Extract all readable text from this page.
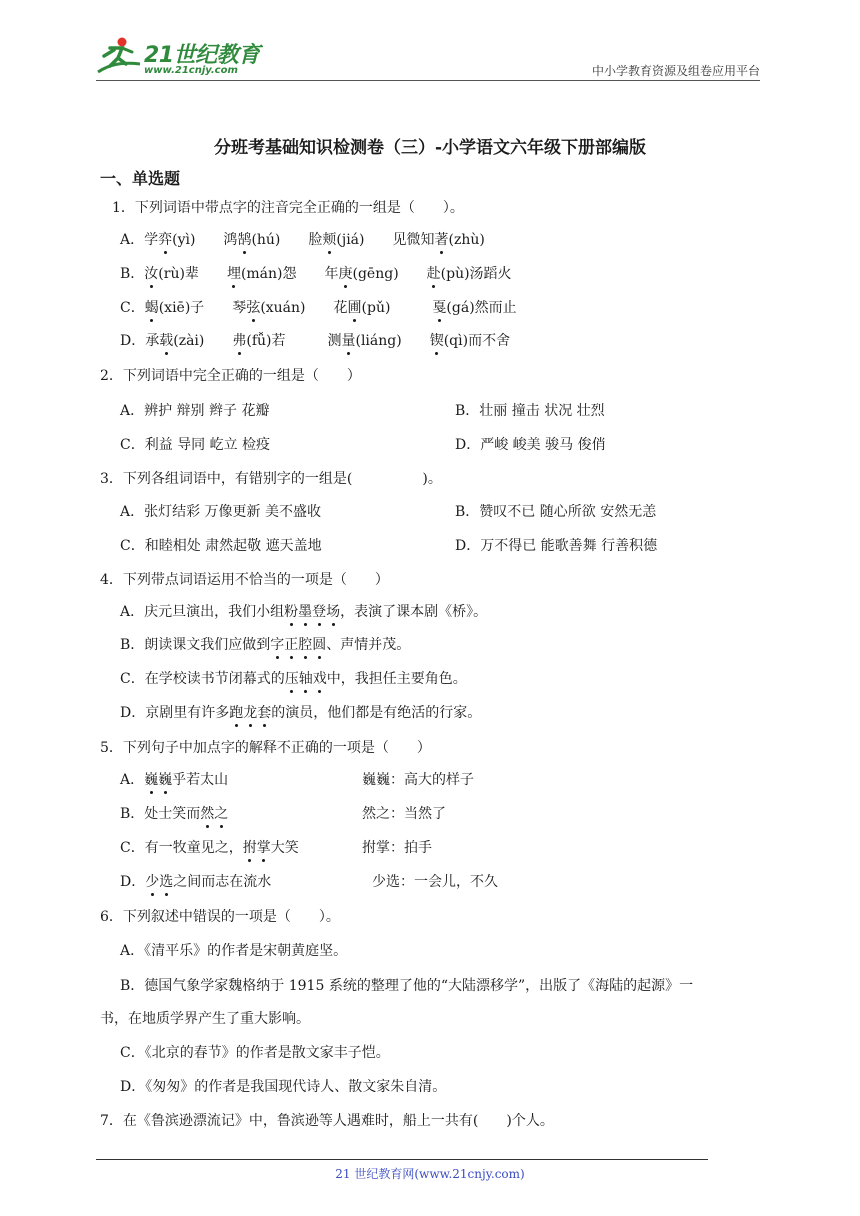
21世纪教育
www.21cnjy.com	中小学教育资源及组卷应用平台
分班考基础知识检测卷（三）-小学语文六年级下册部编版
一、单选题
1．下列词语中带点字的注音完全正确的一组是（　　）。
A．学弈(yì)　　鸿鹄(hú)　　脸颊(jiá)　　见微知著(zhù)
B．汝(rù)辈　　埋(mán)怨　　年庚(gēng)　　赴(pù)汤蹈火
C．蝎(xiē)子　　琴弦(xuán)　　花圃(pǔ)　　　戛(gá)然而止
D．承载(zài)　　弗(fǚ)若　　　测量(liáng)　　锲(qì)而不舍
2．下列词语中完全正确的一组是（　　）
A．辨护 辩别 辫子 花瓣	B．壮丽 撞击 状况 壮烈
C．利益 导同 屹立 检疫	D．严峻 峻美 骏马 俊俏
3．下列各组词语中，有错别字的一组是(	)。
A．张灯结彩 万像更新 美不盛收	B．赞叹不已 随心所欲 安然无恙
C．和睦相处 肃然起敬 遮天盖地	D．万不得已 能歌善舞 行善积德
4．下列带点词语运用不恰当的一项是（　　）
A．庆元旦演出，我们小组粉墨登场，表演了课本剧《桥》。
B．朗读课文我们应做到字正腔圆、声情并茂。
C．在学校读书节闭幕式的压轴戏中，我担任主要角色。
D．京剧里有许多跑龙套的演员，他们都是有绝活的行家。
5．下列句子中加点字的解释不正确的一项是（　　）
A．巍巍乎若太山	巍巍：高大的样子
B．处士笑而然之	然之：当然了
C．有一牧童见之，拊掌大笑	拊掌：拍手
D．少选之间而志在流水	少选：一会儿，不久
6．下列叙述中错误的一项是（　　）。
A．《清平乐》的作者是宋朝黄庭坚。
B．德国气象学家魏格纳于 1915 系统的整理了他的“大陆漂移学”，出版了《海陆的起源》一
书，在地质学界产生了重大影响。
C．《北京的春节》的作者是散文家丰子恺。
D．《匆匆》的作者是我国现代诗人、散文家朱自清。
7．在《鲁滨逊漂流记》中，鲁滨逊等人遇难时，船上一共有(　　)个人。
21 世纪教育网(www.21cnjy.com)
